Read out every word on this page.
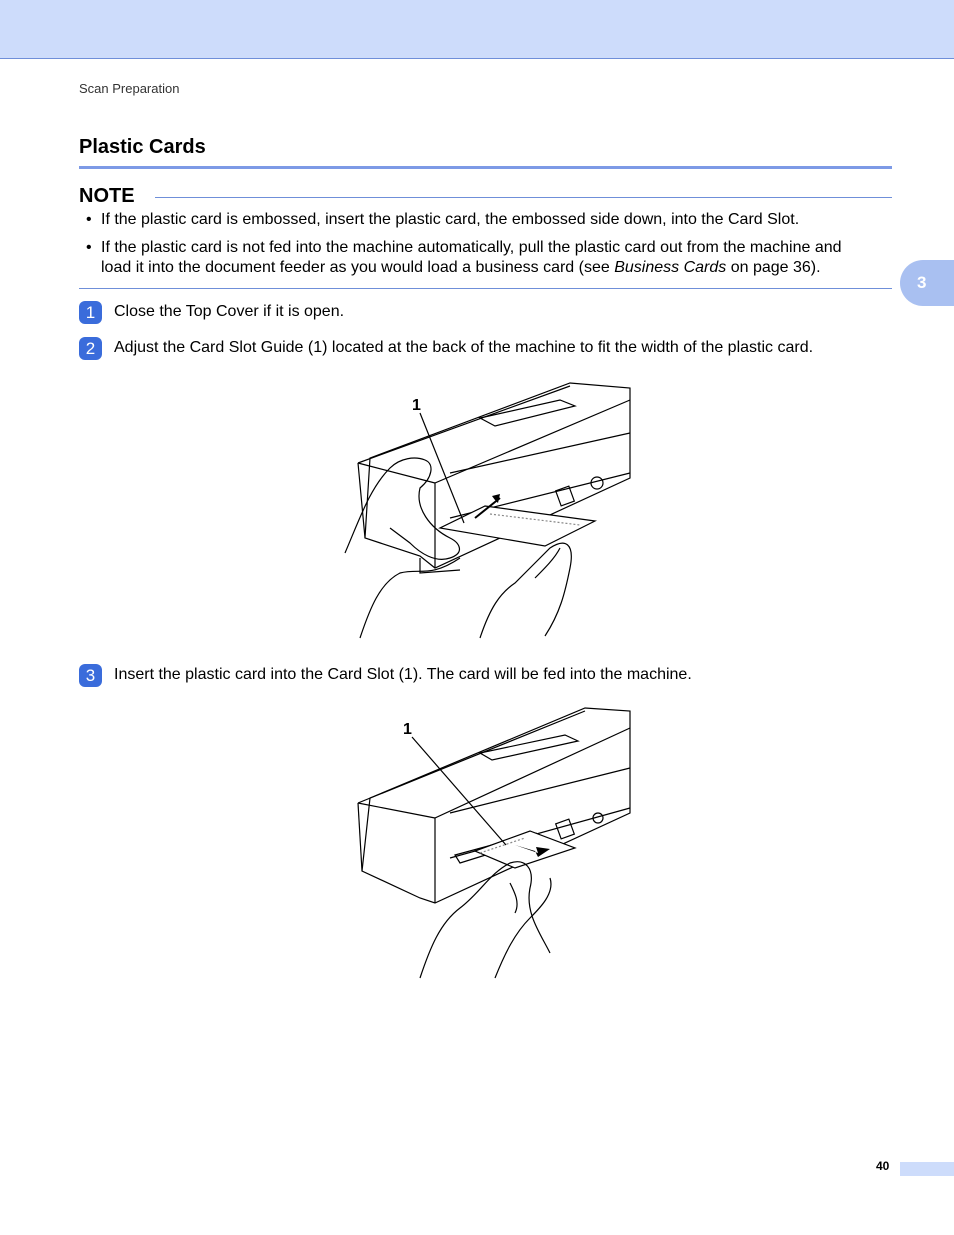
Scan Preparation
Plastic Cards
NOTE
• If the plastic card is embossed, insert the plastic card, the embossed side down, into the Card Slot.
• If the plastic card is not fed into the machine automatically, pull the plastic card out from the machine and
load it into the document feeder as you would load a business card (see Business Cards on page 36).
3
1	Close the Top Cover if it is open.
2	Adjust the Card Slot Guide (1) located at the back of the machine to fit the width of the plastic card.
1
3	Insert the plastic card into the Card Slot (1). The card will be fed into the machine.
1
40
